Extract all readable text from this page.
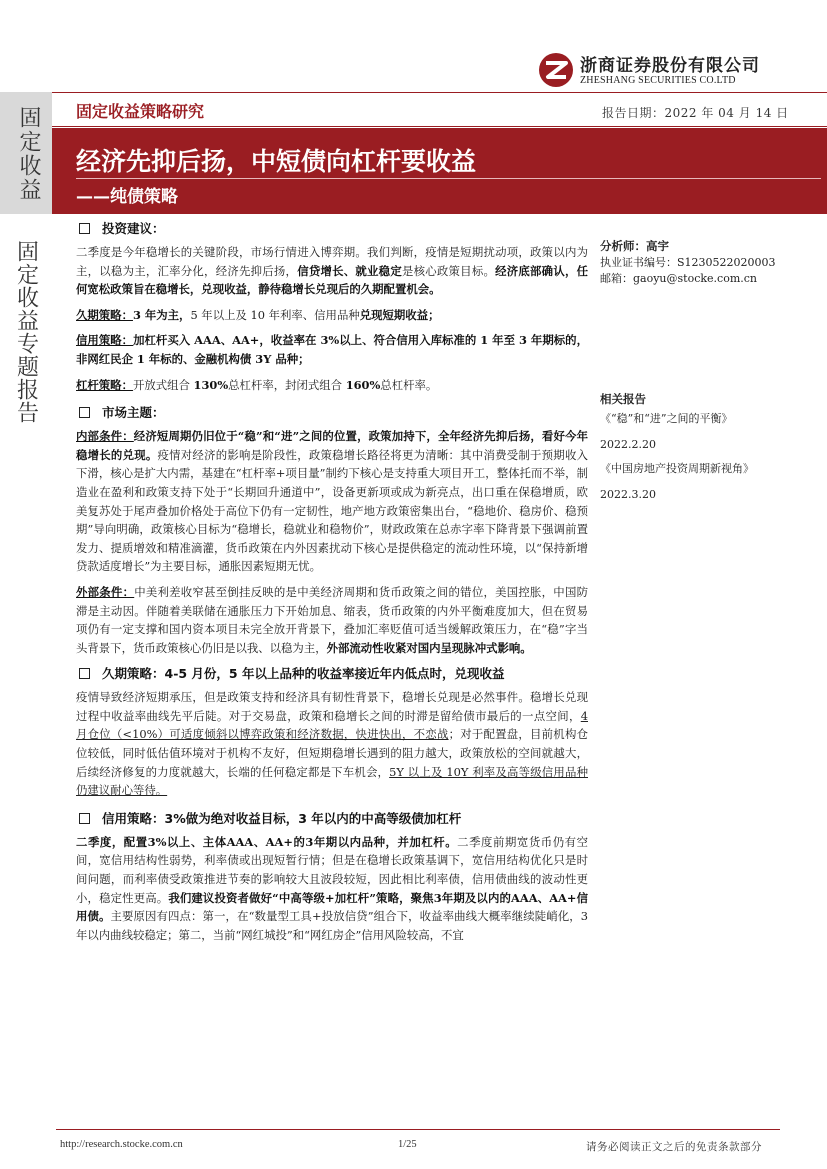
浙商证券股份有限公司
ZHESHANG SECURITIES CO.LTD
固定收益
固定收益专题报告
固定收益策略研究	报告日期：2022 年 04 月 14 日
经济先抑后扬，中短债向杠杆要收益
——纯债策略
投资建议：

二季度是今年稳增长的关键阶段，市场行情进入博弈期。我们判断，疫情是短期扰动项，政策以内为主，以稳为主，汇率分化，经济先抑后扬，信贷增长、就业稳定是核心政策目标。经济底部确认，任何宽松政策旨在稳增长，兑现收益，静待稳增长兑现后的久期配置机会。

久期策略：3 年为主，5 年以上及 10 年利率、信用品种兑现短期收益；

信用策略：加杠杆买入 AAA、AA+，收益率在 3%以上、符合信用入库标准的 1 年至 3 年期标的，非网红民企 1 年标的、金融机构债 3Y 品种；

杠杆策略：开放式组合 130%总杠杆率，封闭式组合 160%总杠杆率。

市场主题：

内部条件：经济短周期仍旧位于“稳”和“进”之间的位置，政策加持下，全年经济先抑后扬，看好今年稳增长的兑现。疫情对经济的影响是阶段性，政策稳增长路径将更为清晰：其中消费受制于预期收入下滑，核心是扩大内需，基建在“杠杆率+项目量”制约下核心是支持重大项目开工，整体托而不举，制造业在盈利和政策支持下处于“长期回升通道中”，设备更新项或成为新亮点，出口重在保稳增质，欧美复苏处于尾声叠加价格处于高位下仍有一定韧性，地产地方政策密集出台，“稳地价、稳房价、稳预期”导向明确，政策核心目标为“稳增长，稳就业和稳物价”，财政政策在总赤字率下降背景下强调前置发力、提质增效和精准滴灌，货币政策在内外因素扰动下核心是提供稳定的流动性环境，以“保持新增贷款适度增长”为主要目标，通胀因素短期无忧。

外部条件：中美利差收窄甚至倒挂反映的是中美经济周期和货币政策之间的错位，美国控胀，中国防滞是主动因。伴随着美联储在通胀压力下开始加息、缩表，货币政策的内外平衡难度加大，但在贸易项仍有一定支撑和国内资本项目未完全放开背景下，叠加汇率贬值可适当缓解政策压力，在“稳”字当头背景下，货币政策核心仍旧是以我、以稳为主，外部流动性收紧对国内呈现脉冲式影响。

久期策略：4-5 月份，5 年以上品种的收益率接近年内低点时，兑现收益

疫情导致经济短期承压，但是政策支持和经济具有韧性背景下，稳增长兑现是必然事件。稳增长兑现过程中收益率曲线先平后陡。对于交易盘，政策和稳增长之间的时滞是留给债市最后的一点空间，4 月仓位（<10%）可适度倾斜以博弈政策和经济数据，快进快出，不恋战；对于配置盘，目前机构仓位较低，同时低估值环境对于机构不友好，但短期稳增长遇到的阻力越大，政策放松的空间就越大，后续经济修复的力度就越大，长端的任何稳定都是下车机会，5Y 以上及 10Y 利率及高等级信用品种仍建议耐心等待。

信用策略：3%做为绝对收益目标，3 年以内的中高等级债加杠杆

二季度，配置3%以上、主体AAA、AA+的3年期以内品种，并加杠杆。二季度前期宽货币仍有空间，宽信用结构性弱势，利率债或出现短暂行情；但是在稳增长政策基调下，宽信用结构优化只是时间问题，而利率债受政策推进节奏的影响较大且波段较短，因此相比利率债，信用债曲线的波动性更小，稳定性更高。我们建议投资者做好“中高等级+加杠杆”策略，聚焦3年期及以内的AAA、AA+信用债。主要原因有四点：第一，在“数量型工具+投放信贷”组合下，收益率曲线大概率继续陡峭化，3年以内曲线较稳定；第二，当前“网红城投”和“网红房企”信用风险较高，不宜

分析师：高宇
执业证书编号：S1230522020003
邮箱：gaoyu@stocke.com.cn
相关报告
《“稳”和“进”之间的平衡》
2022.2.20
《中国房地产投资周期新视角》
2022.3.20
http://research.stocke.com.cn	1/25	请务必阅读正文之后的免责条款部分
